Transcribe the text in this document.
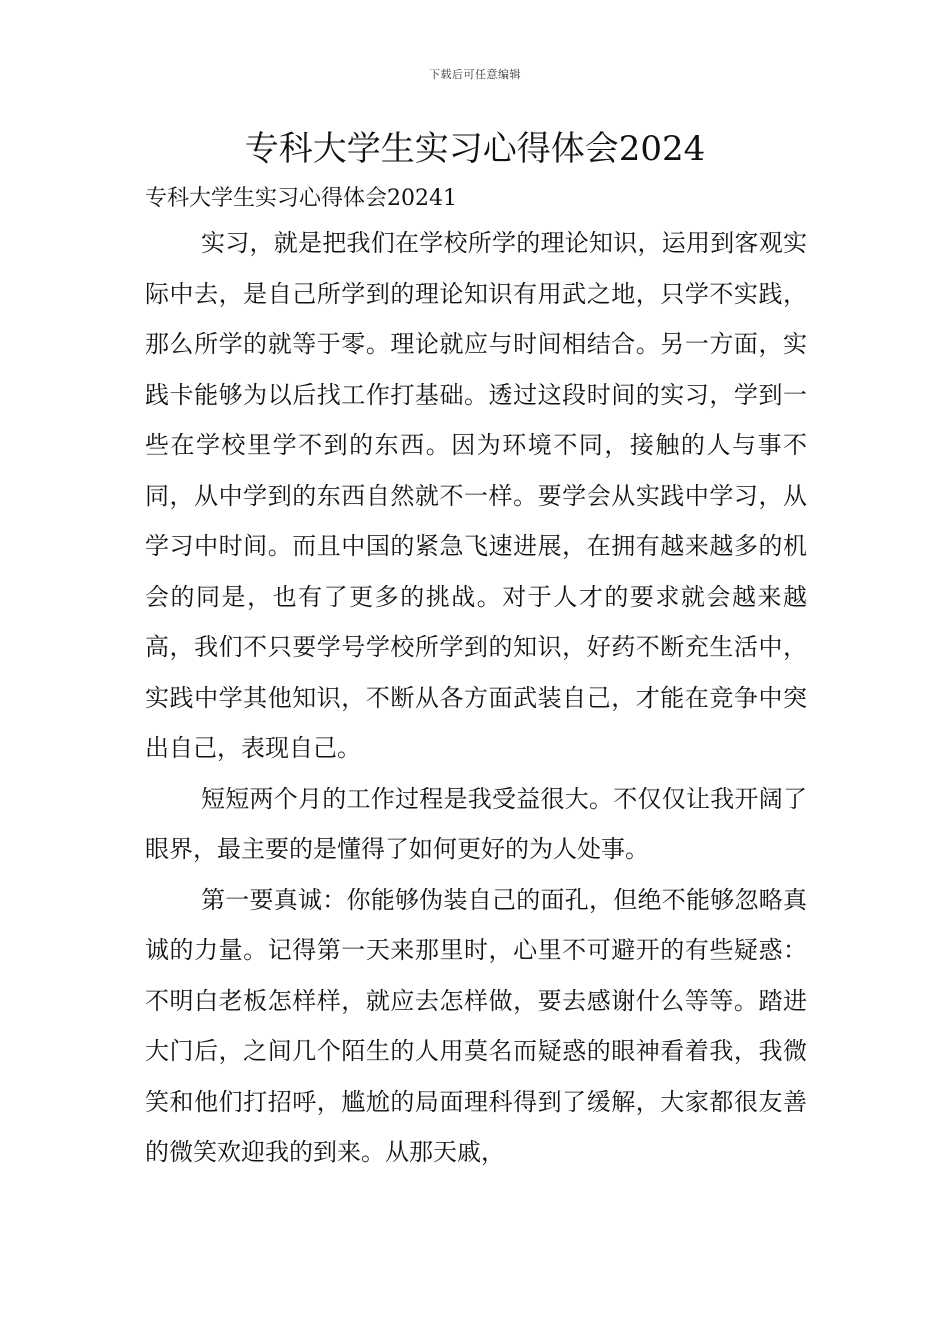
下载后可任意编辑
专科大学生实习心得体会2024

专科大学生实习心得体会20241

实习，就是把我们在学校所学的理论知识，运用到客观实际中去，是自己所学到的理论知识有用武之地，只学不实践，那么所学的就等于零。理论就应与时间相结合。另一方面，实践卡能够为以后找工作打基础。透过这段时间的实习，学到一些在学校里学不到的东西。因为环境不同，接触的人与事不同，从中学到的东西自然就不一样。要学会从实践中学习，从学习中时间。而且中国的紧急飞速进展，在拥有越来越多的机会的同是，也有了更多的挑战。对于人才的要求就会越来越高，我们不只要学号学校所学到的知识，好药不断充生活中，实践中学其他知识，不断从各方面武装自己，才能在竞争中突出自己，表现自己。

短短两个月的工作过程是我受益很大。不仅仅让我开阔了眼界，最主要的是懂得了如何更好的为人处事。

第一要真诚：你能够伪装自己的面孔，但绝不能够忽略真诚的力量。记得第一天来那里时，心里不可避开的有些疑惑：不明白老板怎样样，就应去怎样做，要去感谢什么等等。踏进大门后，之间几个陌生的人用莫名而疑惑的眼神看着我，我微笑和他们打招呼，尴尬的局面理科得到了缓解，大家都很友善的微笑欢迎我的到来。从那天戚，
